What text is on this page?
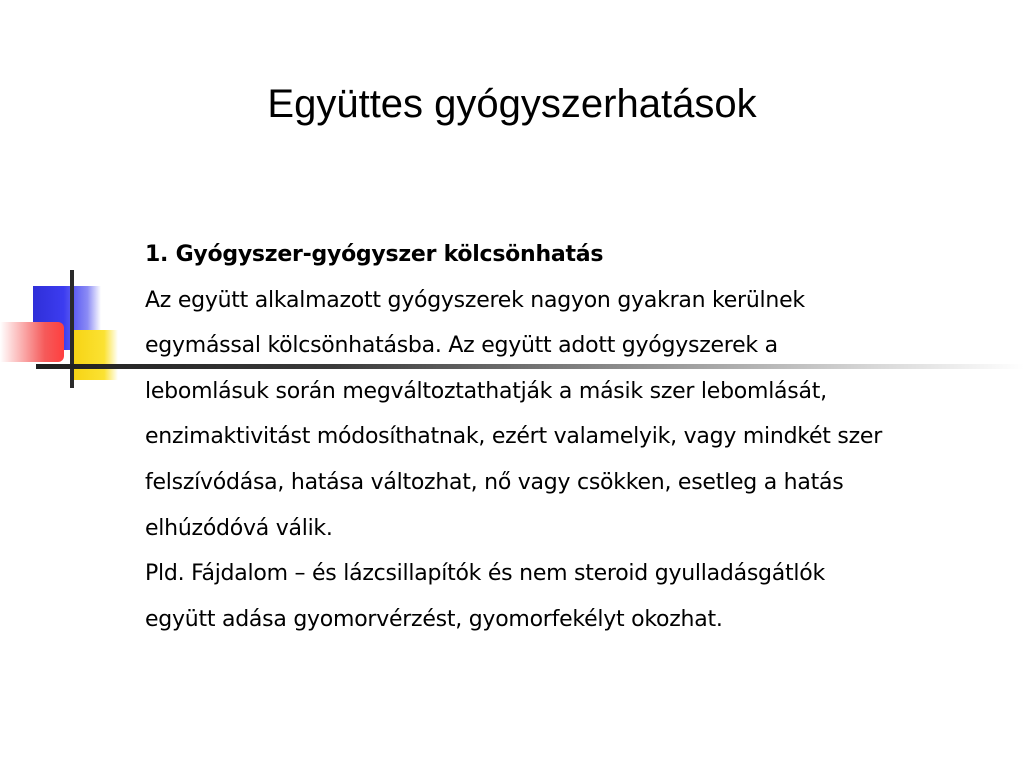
Együttes gyógyszerhatások

1. Gyógyszer-gyógyszer kölcsönhatás

Az együtt alkalmazott gyógyszerek nagyon gyakran kerülnek

egymással kölcsönhatásba. Az együtt adott gyógyszerek a

lebomlásuk során megváltoztathatják a másik szer lebomlását,

enzimaktivitást módosíthatnak, ezért valamelyik, vagy mindkét szer

felszívódása, hatása változhat, nő vagy csökken, esetleg a hatás

elhúzódóvá válik.

Pld. Fájdalom – és lázcsillapítók és nem steroid gyulladásgátlók

együtt adása gyomorvérzést, gyomorfekélyt okozhat.
